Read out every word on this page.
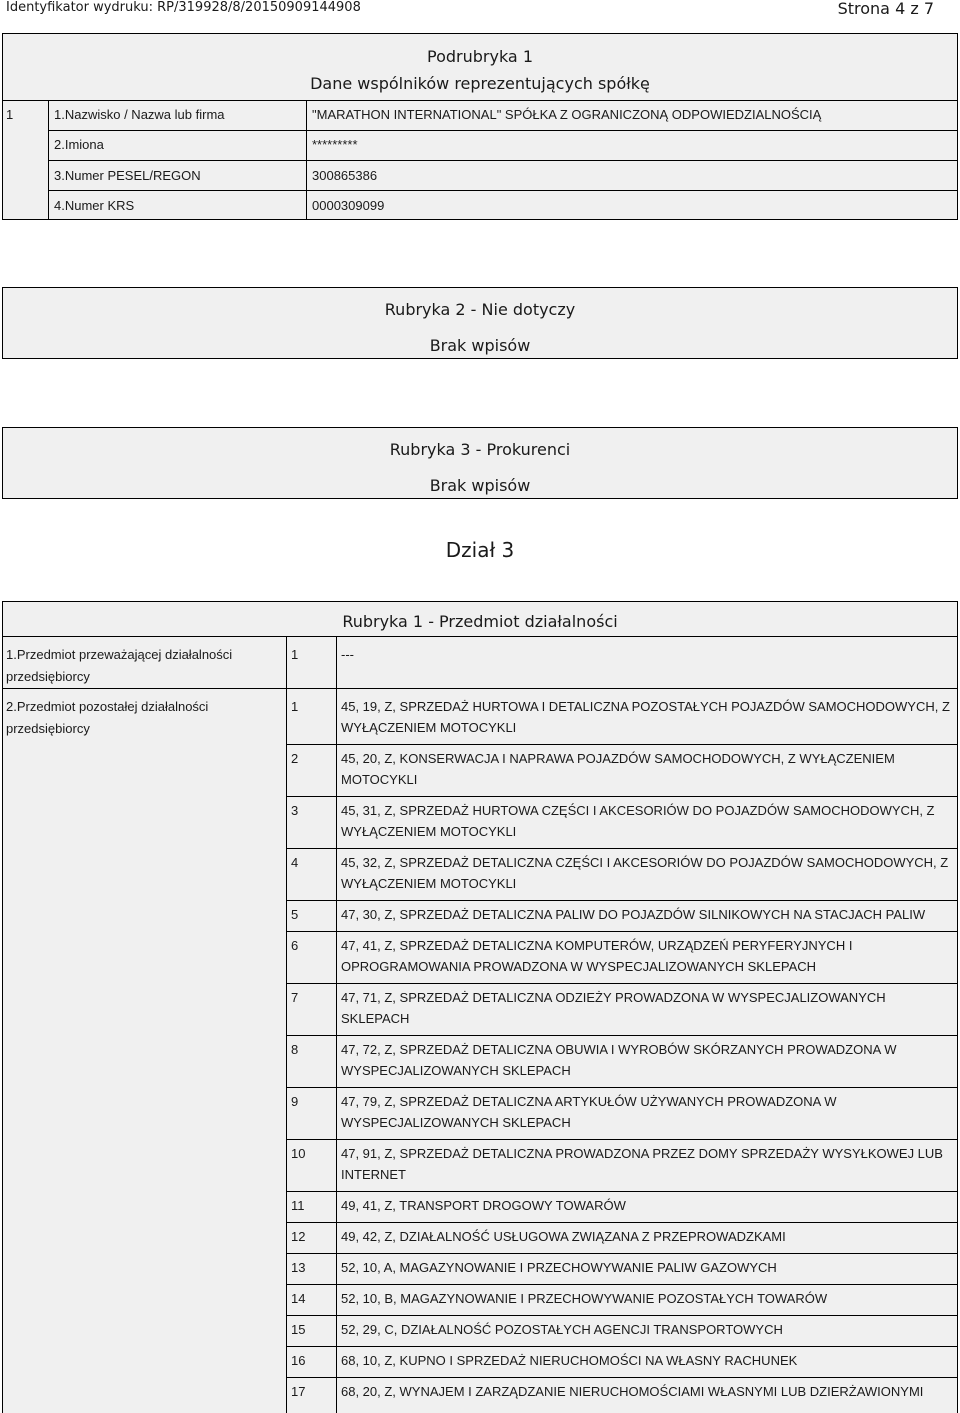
Identyfikator wydruku: RP/319928/8/20150909144908	Strona 4 z 7
Podrubryka 1
Dane wspólników reprezentujących spółkę
1	1.Nazwisko / Nazwa lub firma	"MARATHON INTERNATIONAL" SPÓŁKA Z OGRANICZONĄ ODPOWIEDZIALNOŚCIĄ
2.Imiona	*********
3.Numer PESEL/REGON	300865386
4.Numer KRS	0000309099
Rubryka 2 - Nie dotyczy
Brak wpisów
Rubryka 3 - Prokurenci
Brak wpisów
Dział 3
Rubryka 1 - Przedmiot działalności
1.Przedmiot przeważającej działalności
przedsiębiorcy
1	---
2.Przedmiot pozostałej działalności
przedsiębiorcy
1	45, 19, Z, SPRZEDAŻ HURTOWA I DETALICZNA POZOSTAŁYCH POJAZDÓW SAMOCHODOWYCH, Z WYŁĄCZENIEM MOTOCYKLI
2	45, 20, Z, KONSERWACJA I NAPRAWA POJAZDÓW SAMOCHODOWYCH, Z WYŁĄCZENIEM MOTOCYKLI
3	45, 31, Z, SPRZEDAŻ HURTOWA CZĘŚCI I AKCESORIÓW DO POJAZDÓW SAMOCHODOWYCH, Z WYŁĄCZENIEM MOTOCYKLI
4	45, 32, Z, SPRZEDAŻ DETALICZNA CZĘŚCI I AKCESORIÓW DO POJAZDÓW SAMOCHODOWYCH, Z WYŁĄCZENIEM MOTOCYKLI
5	47, 30, Z, SPRZEDAŻ DETALICZNA PALIW DO POJAZDÓW SILNIKOWYCH NA STACJACH PALIW
6	47, 41, Z, SPRZEDAŻ DETALICZNA KOMPUTERÓW, URZĄDZEŃ PERYFERYJNYCH I OPROGRAMOWANIA PROWADZONA W WYSPECJALIZOWANYCH SKLEPACH
7	47, 71, Z, SPRZEDAŻ DETALICZNA ODZIEŻY PROWADZONA W WYSPECJALIZOWANYCH SKLEPACH
8	47, 72, Z, SPRZEDAŻ DETALICZNA OBUWIA I WYROBÓW SKÓRZANYCH PROWADZONA W WYSPECJALIZOWANYCH SKLEPACH
9	47, 79, Z, SPRZEDAŻ DETALICZNA ARTYKUŁÓW UŻYWANYCH PROWADZONA W WYSPECJALIZOWANYCH SKLEPACH
10	47, 91, Z, SPRZEDAŻ DETALICZNA PROWADZONA PRZEZ DOMY SPRZEDAŻY WYSYŁKOWEJ LUB INTERNET
11	49, 41, Z, TRANSPORT DROGOWY TOWARÓW
12	49, 42, Z, DZIAŁALNOŚĆ USŁUGOWA ZWIĄZANA Z PRZEPROWADZKAMI
13	52, 10, A, MAGAZYNOWANIE I PRZECHOWYWANIE PALIW GAZOWYCH
14	52, 10, B, MAGAZYNOWANIE I PRZECHOWYWANIE POZOSTAŁYCH TOWARÓW
15	52, 29, C, DZIAŁALNOŚĆ POZOSTAŁYCH AGENCJI TRANSPORTOWYCH
16	68, 10, Z, KUPNO I SPRZEDAŻ NIERUCHOMOŚCI NA WŁASNY RACHUNEK
17	68, 20, Z, WYNAJEM I ZARZĄDZANIE NIERUCHOMOŚCIAMI WŁASNYMI LUB DZIERŻAWIONYMI
